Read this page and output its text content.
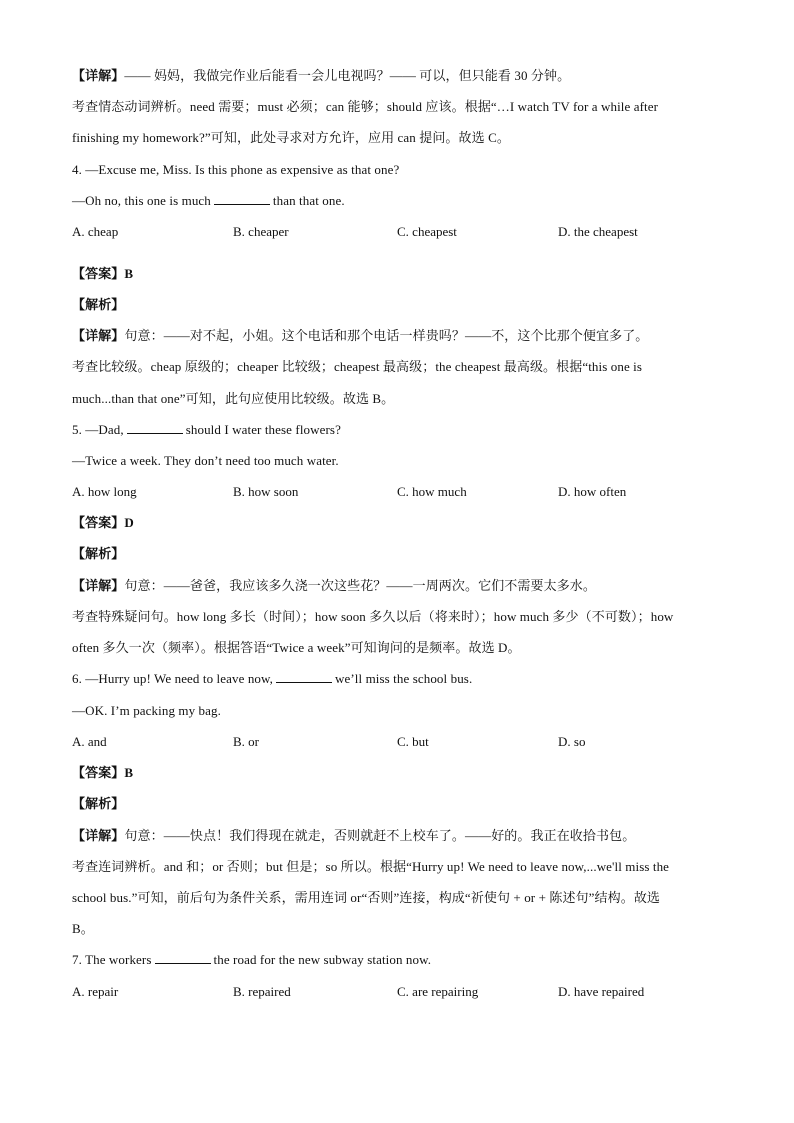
【详解】—— 妈妈，我做完作业后能看一会儿电视吗？—— 可以，但只能看 30 分钟。
考查情态动词辨析。need 需要；must 必须；can 能够；should 应该。根据“…I watch TV for a while after
finishing my homework?”可知，此处寻求对方允许，应用 can 提问。故选 C。
4. —Excuse me, Miss. Is this phone as expensive as that one?
—Oh no, this one is much	than that one.
A. cheap	B. cheaper	C. cheapest	D. the cheapest
【答案】B
【解析】
【详解】句意：——对不起，小姐。这个电话和那个电话一样贵吗？——不，这个比那个便宜多了。
考查比较级。cheap 原级的；cheaper 比较级；cheapest 最高级；the cheapest 最高级。根据“this one is
much...than that one”可知，此句应使用比较级。故选 B。
5. —Dad,	should I water these flowers?
—Twice a week. They don’t need too much water.
A. how long	B. how soon	C. how much	D. how often
【答案】D
【解析】
【详解】句意：——爸爸，我应该多久浇一次这些花？——一周两次。它们不需要太多水。
考查特殊疑问句。how long 多长（时间）；how soon 多久以后（将来时）；how much 多少（不可数）；how
often 多久一次（频率）。根据答语“Twice a week”可知询问的是频率。故选 D。
6. —Hurry up! We need to leave now,	we’ll miss the school bus.
—OK. I’m packing my bag.
A. and	B. or	C. but	D. so
【答案】B
【解析】
【详解】句意：——快点！我们得现在就走，否则就赶不上校车了。——好的。我正在收拾书包。
考查连词辨析。and 和；or 否则；but 但是；so 所以。根据“Hurry up! We need to leave now,...we'll miss the
school bus.”可知，前后句为条件关系，需用连词 or“否则”连接，构成“祈使句 + or + 陈述句”结构。故选
B。
7. The workers	the road for the new subway station now.
A. repair	B. repaired	C. are repairing	D. have repaired
